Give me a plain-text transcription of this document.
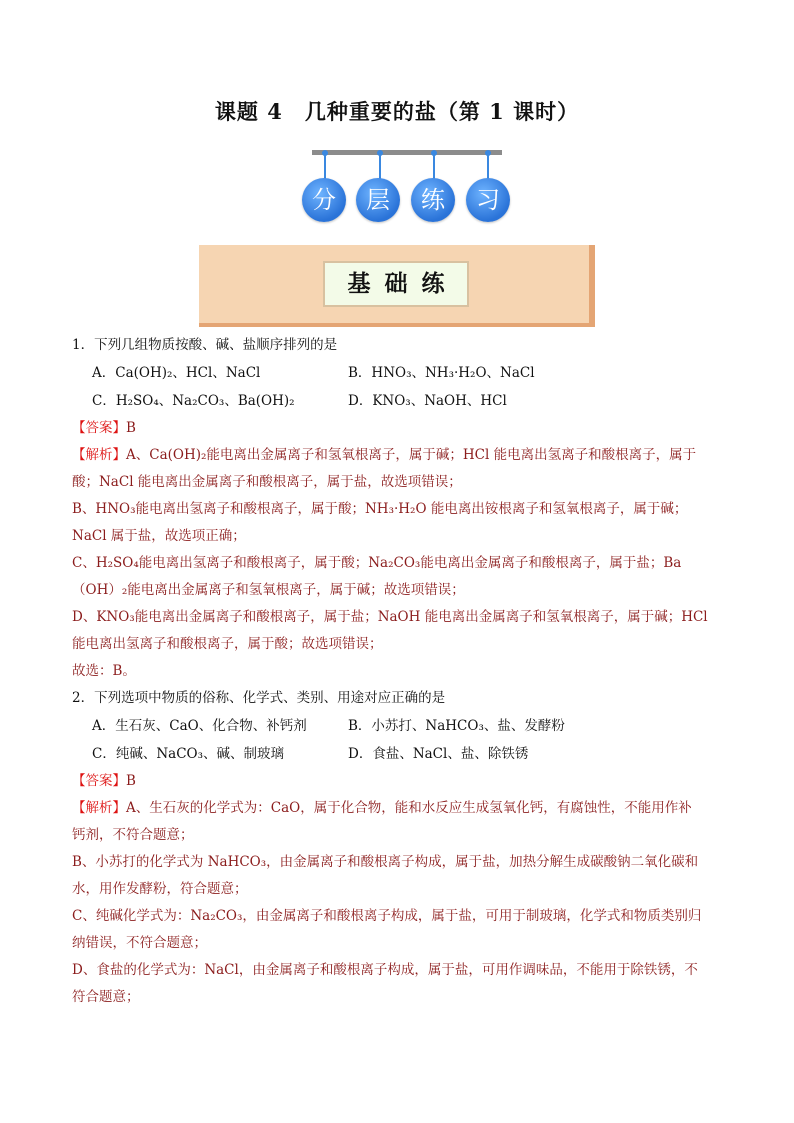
课题 4　几种重要的盐（第 1 课时）
分	层	练	习
基础练
1．下列几组物质按酸、碱、盐顺序排列的是
A．Ca(OH)₂、HCl、NaCl	B．HNO₃、NH₃·H₂O、NaCl
C．H₂SO₄、Na₂CO₃、Ba(OH)₂	D．KNO₃、NaOH、HCl
【答案】B
【解析】A、Ca(OH)₂能电离出金属离子和氢氧根离子，属于碱；HCl 能电离出氢离子和酸根离子，属于
酸；NaCl 能电离出金属离子和酸根离子，属于盐，故选项错误；
B、HNO₃能电离出氢离子和酸根离子，属于酸；NH₃·H₂O 能电离出铵根离子和氢氧根离子，属于碱；
NaCl 属于盐，故选项正确；
C、H₂SO₄能电离出氢离子和酸根离子，属于酸；Na₂CO₃能电离出金属离子和酸根离子，属于盐；Ba
（OH）₂能电离出金属离子和氢氧根离子，属于碱；故选项错误；
D、KNO₃能电离出金属离子和酸根离子，属于盐；NaOH 能电离出金属离子和氢氧根离子，属于碱；HCl
能电离出氢离子和酸根离子，属于酸；故选项错误；
故选：B。
2．下列选项中物质的俗称、化学式、类别、用途对应正确的是
A．生石灰、CaO、化合物、补钙剂	B．小苏打、NaHCO₃、盐、发酵粉
C．纯碱、NaCO₃、碱、制玻璃	D．食盐、NaCl、盐、除铁锈
【答案】B
【解析】A、生石灰的化学式为：CaO，属于化合物，能和水反应生成氢氧化钙，有腐蚀性，不能用作补
钙剂，不符合题意；
B、小苏打的化学式为 NaHCO₃，由金属离子和酸根离子构成，属于盐，加热分解生成碳酸钠二氧化碳和
水，用作发酵粉，符合题意；
C、纯碱化学式为：Na₂CO₃，由金属离子和酸根离子构成，属于盐，可用于制玻璃，化学式和物质类别归
纳错误，不符合题意；
D、食盐的化学式为：NaCl，由金属离子和酸根离子构成，属于盐，可用作调味品，不能用于除铁锈，不
符合题意；
